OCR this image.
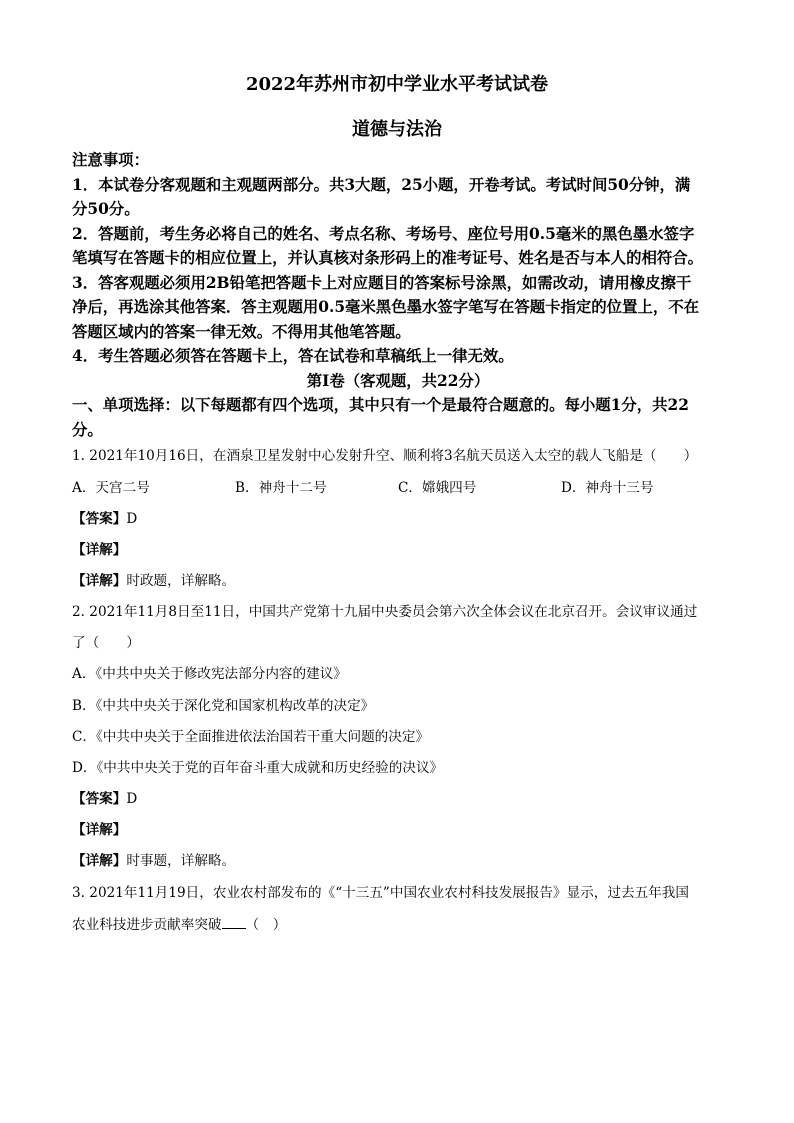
2022年苏州市初中学业水平考试试卷
道德与法治

注意事项：

1．本试卷分客观题和主观题两部分。共3大题，25小题，开卷考试。考试时间50分钟，满

分50分。

2．答题前，考生务必将自己的姓名、考点名称、考场号、座位号用0.5毫米的黑色墨水签字

笔填写在答题卡的相应位置上，并认真核对条形码上的准考证号、姓名是否与本人的相符合。

3．答客观题必须用2B铅笔把答题卡上对应题目的答案标号涂黑，如需改动，请用橡皮擦干

净后，再选涂其他答案．答主观题用0.5毫米黑色墨水签字笔写在答题卡指定的位置上，不在

答题区域内的答案一律无效。不得用其他笔答题。

4．考生答题必须答在答题卡上，答在试卷和草稿纸上一律无效。

第Ⅰ卷（客观题，共22分）

一、单项选择：以下每题都有四个选项，其中只有一个是最符合题意的。每小题1分，共22

分。

1. 2021年10月16日，在酒泉卫星发射中心发射升空、顺利将3名航天员送入太空的载人飞船是（　　）

A．天宫二号	B．神舟十二号	C．嫦娥四号	D．神舟十三号

【答案】D

【详解】

【详解】时政题，详解略。

2. 2021年11月8日至11日，中国共产党第十九届中央委员会第六次全体会议在北京召开。会议审议通过

了（　　）

A．《中共中央关于修改宪法部分内容的建议》

B．《中共中央关于深化党和国家机构改革的决定》

C．《中共中央关于全面推进依法治国若干重大问题的决定》

D．《中共中央关于党的百年奋斗重大成就和历史经验的决议》

【答案】D

【详解】

【详解】时事题，详解略。

3. 2021年11月19日，农业农村部发布的《“十三五”中国农业农村科技发展报告》显示，过去五年我国

农业科技进步贡献率突破 （　）
